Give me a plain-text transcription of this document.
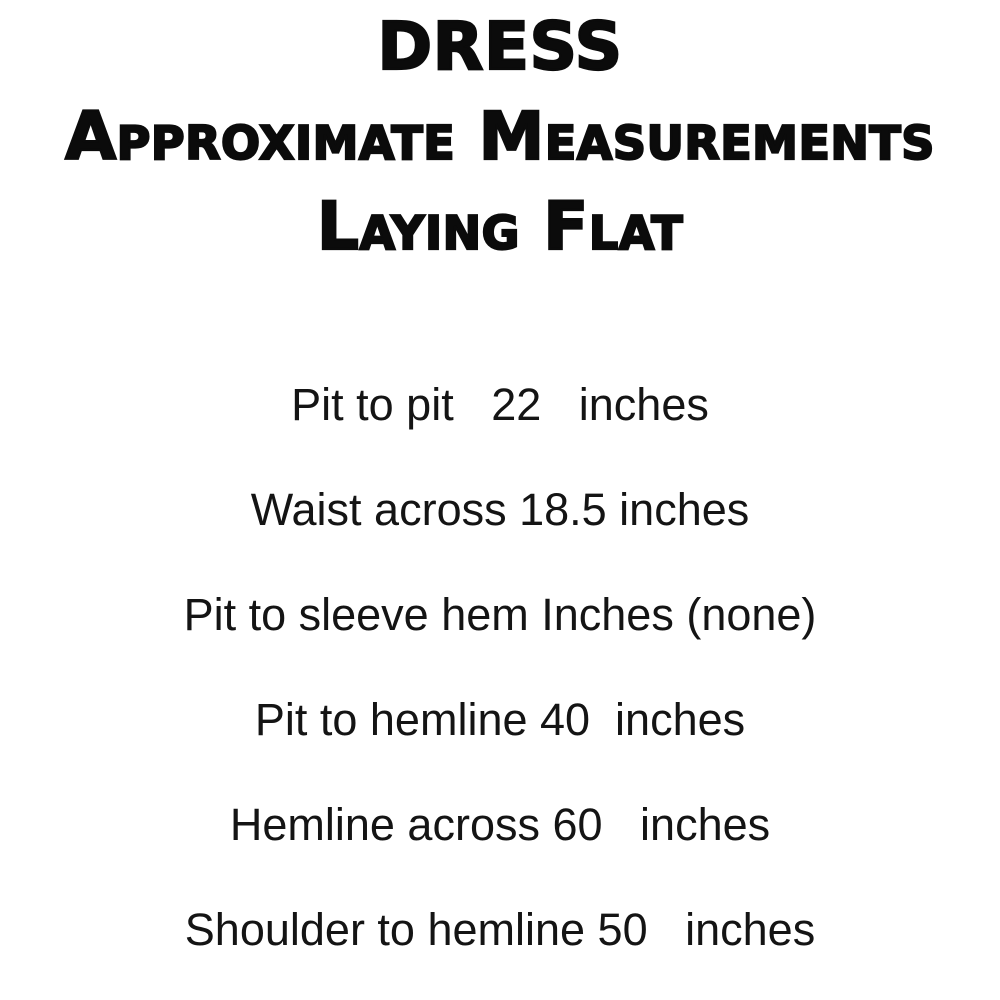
DRESS
Approximate Measurements
Laying Flat
Pit to pit   22   inches
Waist across 18.5 inches
Pit to sleeve hem Inches (none)
Pit to hemline 40  inches
Hemline across 60   inches
Shoulder to hemline 50   inches
